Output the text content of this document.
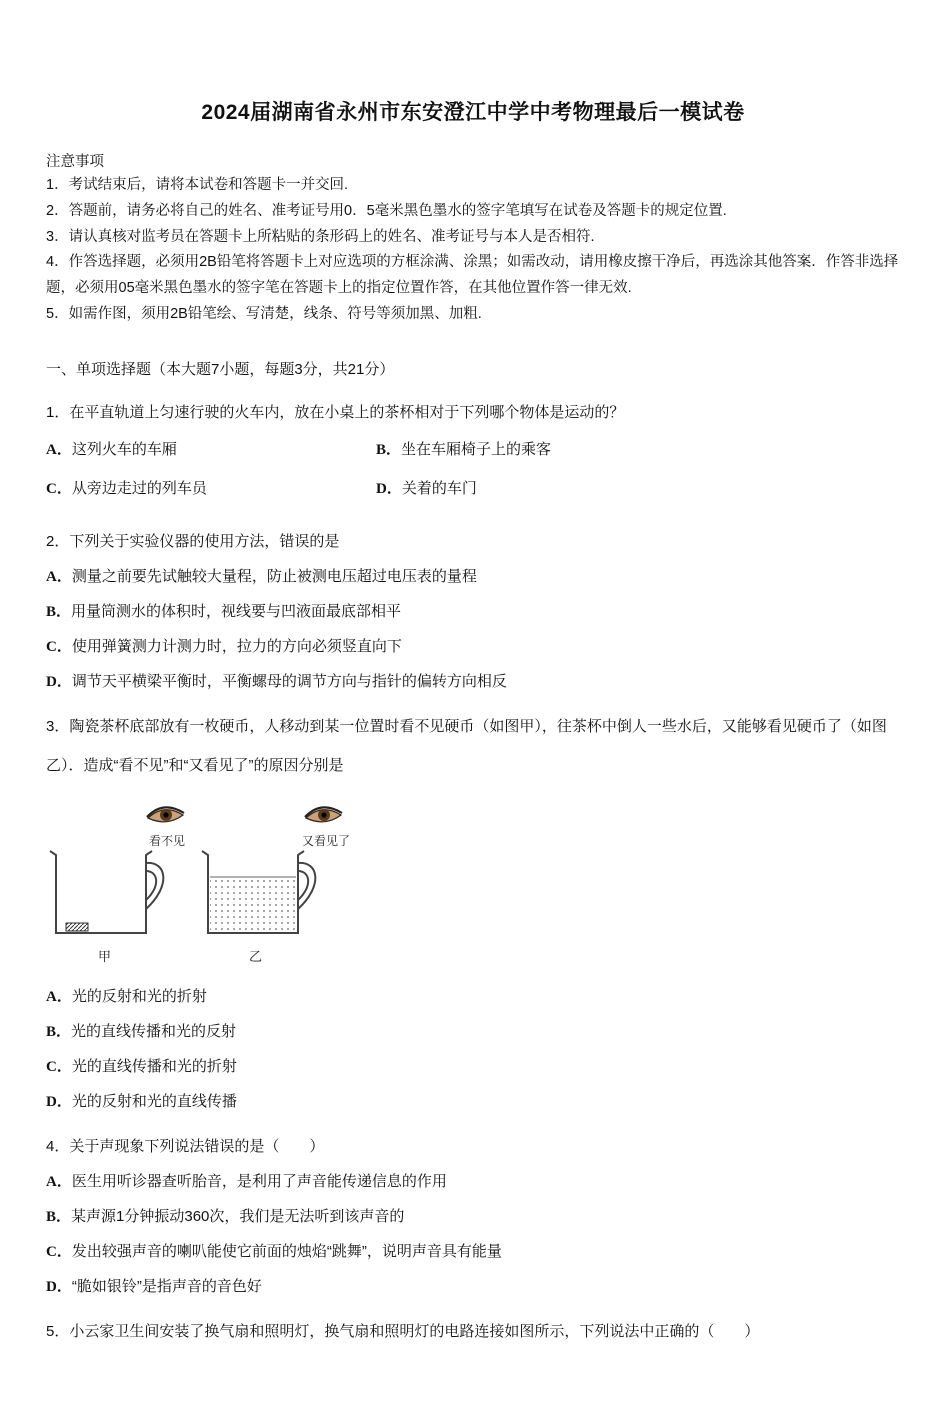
2024届湖南省永州市东安澄江中学中考物理最后一模试卷
注意事项
1．考试结束后，请将本试卷和答题卡一并交回.
2．答题前，请务必将自己的姓名、准考证号用0．5毫米黑色墨水的签字笔填写在试卷及答题卡的规定位置.
3．请认真核对监考员在答题卡上所粘贴的条形码上的姓名、准考证号与本人是否相符.
4．作答选择题，必须用2B铅笔将答题卡上对应选项的方框涂满、涂黑；如需改动，请用橡皮擦干净后，再选涂其他答案．作答非选择题，必须用05毫米黑色墨水的签字笔在答题卡上的指定位置作答，在其他位置作答一律无效.
5．如需作图，须用2B铅笔绘、写清楚，线条、符号等须加黑、加粗.
一、单项选择题（本大题7小题，每题3分，共21分）
1．在平直轨道上匀速行驶的火车内，放在小桌上的茶杯相对于下列哪个物体是运动的？
A．这列火车的车厢	B．坐在车厢椅子上的乘客
C．从旁边走过的列车员	D．关着的车门
2．下列关于实验仪器的使用方法，错误的是
A．测量之前要先试触较大量程，防止被测电压超过电压表的量程
B．用量筒测水的体积时，视线要与凹液面最底部相平
C．使用弹簧测力计测力时，拉力的方向必须竖直向下
D．调节天平横梁平衡时，平衡螺母的调节方向与指针的偏转方向相反
3．陶瓷茶杯底部放有一枚硬币，人移动到某一位置时看不见硬币（如图甲），往茶杯中倒人一些水后，又能够看见硬币了（如图乙）．造成“看不见”和“又看见了”的原因分别是
看不见	又看见了
甲	乙
A．光的反射和光的折射
B．光的直线传播和光的反射
C．光的直线传播和光的折射
D．光的反射和光的直线传播
4．关于声现象下列说法错误的是（　　）
A．医生用听诊器查听胎音，是利用了声音能传递信息的作用
B．某声源1分钟振动360次，我们是无法听到该声音的
C．发出较强声音的喇叭能使它前面的烛焰“跳舞”，说明声音具有能量
D．“脆如银铃”是指声音的音色好
5．小云家卫生间安装了换气扇和照明灯，换气扇和照明灯的电路连接如图所示，下列说法中正确的（　　）
